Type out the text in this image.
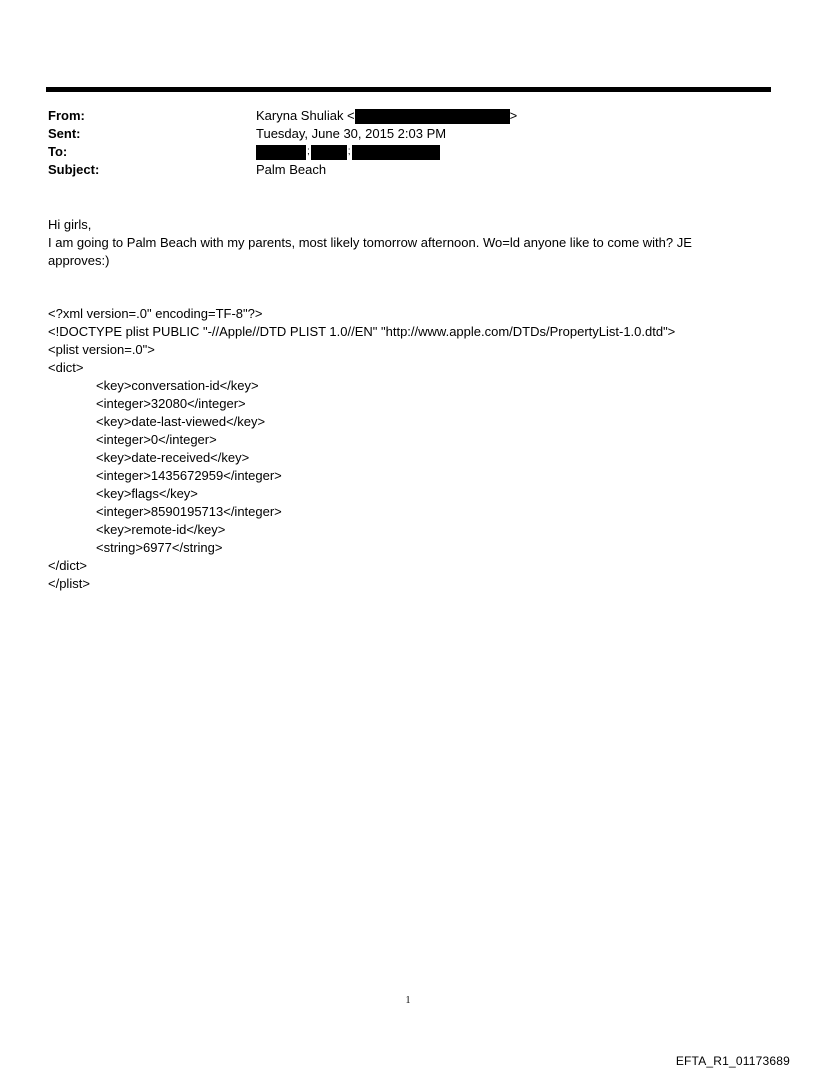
From:	Karyna Shuliak <	>
Sent:	Tuesday, June 30, 2015 2:03 PM
To:	;	;
Subject:	Palm Beach

Hi girls,

I am going to Palm Beach with my parents, most likely tomorrow afternoon. Wo=ld anyone like to come with? JE approves:)

<?xml version=.0" encoding=TF-8"?>
<!DOCTYPE plist PUBLIC "-//Apple//DTD PLIST 1.0//EN" "http://www.apple.com/DTDs/PropertyList-1.0.dtd">
<plist version=.0">
<dict>
<key>conversation-id</key>
<integer>32080</integer>
<key>date-last-viewed</key>
<integer>0</integer>
<key>date-received</key>
<integer>1435672959</integer>
<key>flags</key>
<integer>8590195713</integer>
<key>remote-id</key>
<string>6977</string>
</dict>
</plist>
1
EFTA_R1_01173689
